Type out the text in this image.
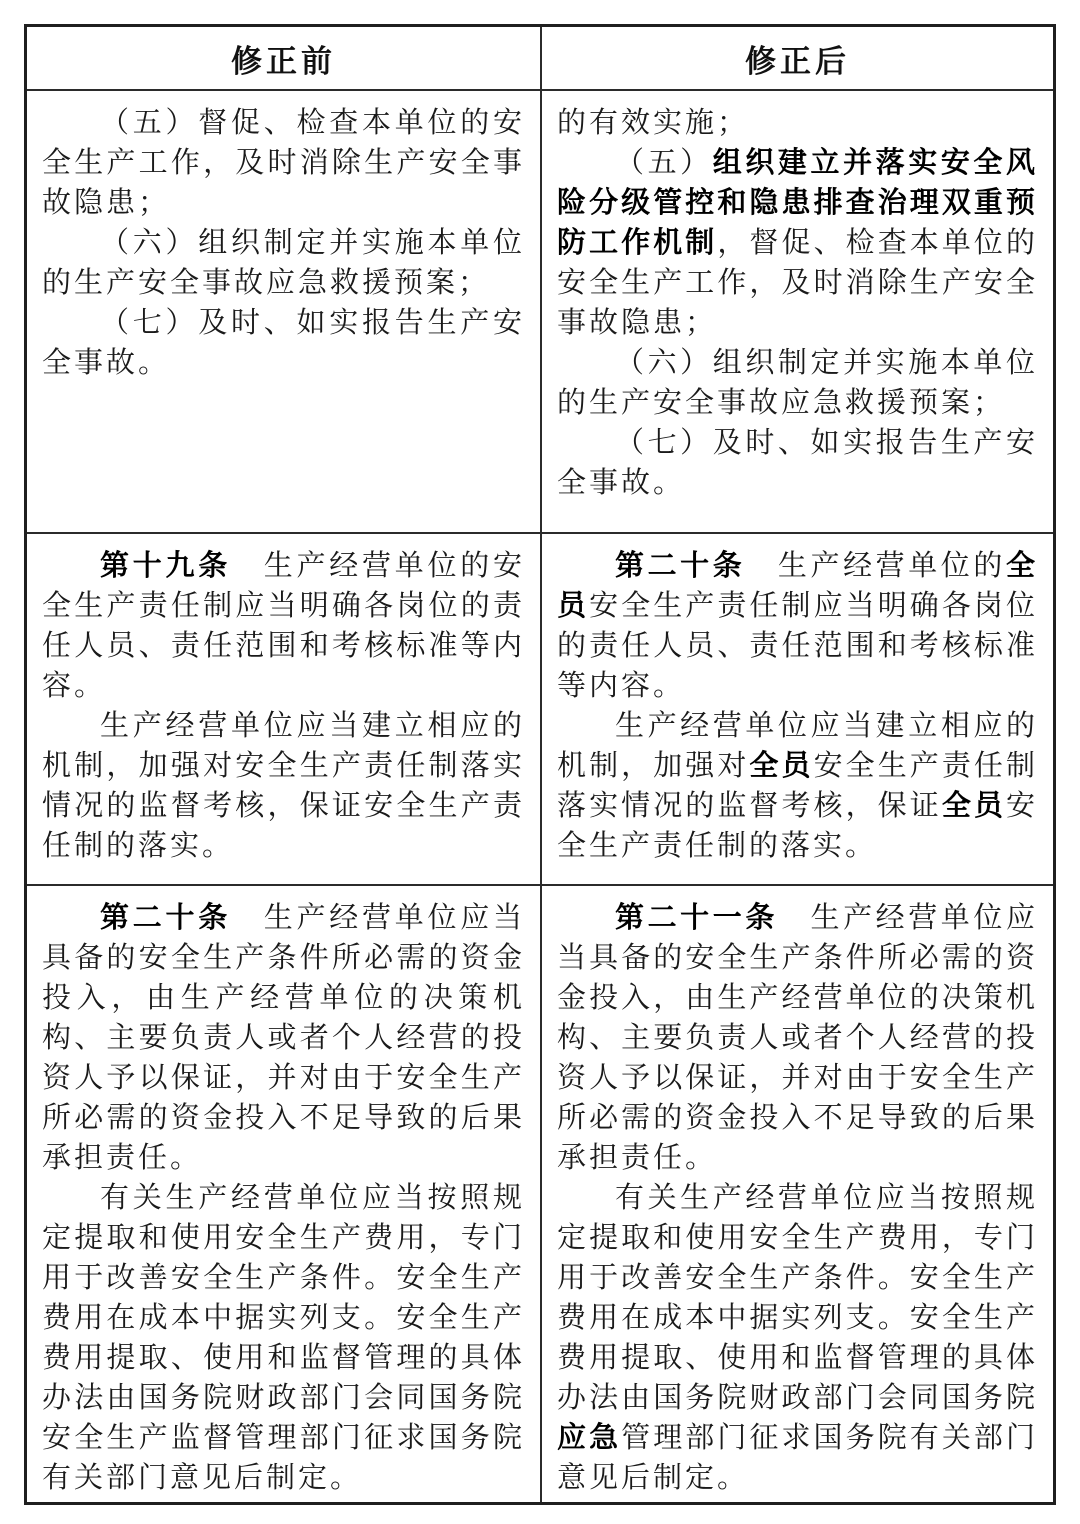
修正前	修正后

（五）督促、检查本单位的安全生产工作，及时消除生产安全事故隐患；

（六）组织制定并实施本单位的生产安全事故应急救援预案；

（七）及时、如实报告生产安全事故。

的有效实施；

（五）组织建立并落实安全风险分级管控和隐患排查治理双重预防工作机制，督促、检查本单位的安全生产工作，及时消除生产安全事故隐患；

（六）组织制定并实施本单位的生产安全事故应急救援预案；

（七）及时、如实报告生产安全事故。

第十九条　生产经营单位的安全生产责任制应当明确各岗位的责任人员、责任范围和考核标准等内容。

生产经营单位应当建立相应的机制，加强对安全生产责任制落实情况的监督考核，保证安全生产责任制的落实。

第二十条　生产经营单位的全员安全生产责任制应当明确各岗位的责任人员、责任范围和考核标准等内容。

生产经营单位应当建立相应的机制，加强对全员安全生产责任制落实情况的监督考核，保证全员安全生产责任制的落实。

第二十条　生产经营单位应当具备的安全生产条件所必需的资金投入，由生产经营单位的决策机构、主要负责人或者个人经营的投资人予以保证，并对由于安全生产所必需的资金投入不足导致的后果承担责任。

有关生产经营单位应当按照规定提取和使用安全生产费用，专门用于改善安全生产条件。安全生产费用在成本中据实列支。安全生产费用提取、使用和监督管理的具体办法由国务院财政部门会同国务院安全生产监督管理部门征求国务院有关部门意见后制定。

第二十一条　生产经营单位应当具备的安全生产条件所必需的资金投入，由生产经营单位的决策机构、主要负责人或者个人经营的投资人予以保证，并对由于安全生产所必需的资金投入不足导致的后果承担责任。

有关生产经营单位应当按照规定提取和使用安全生产费用，专门用于改善安全生产条件。安全生产费用在成本中据实列支。安全生产费用提取、使用和监督管理的具体办法由国务院财政部门会同国务院应急管理部门征求国务院有关部门意见后制定。
